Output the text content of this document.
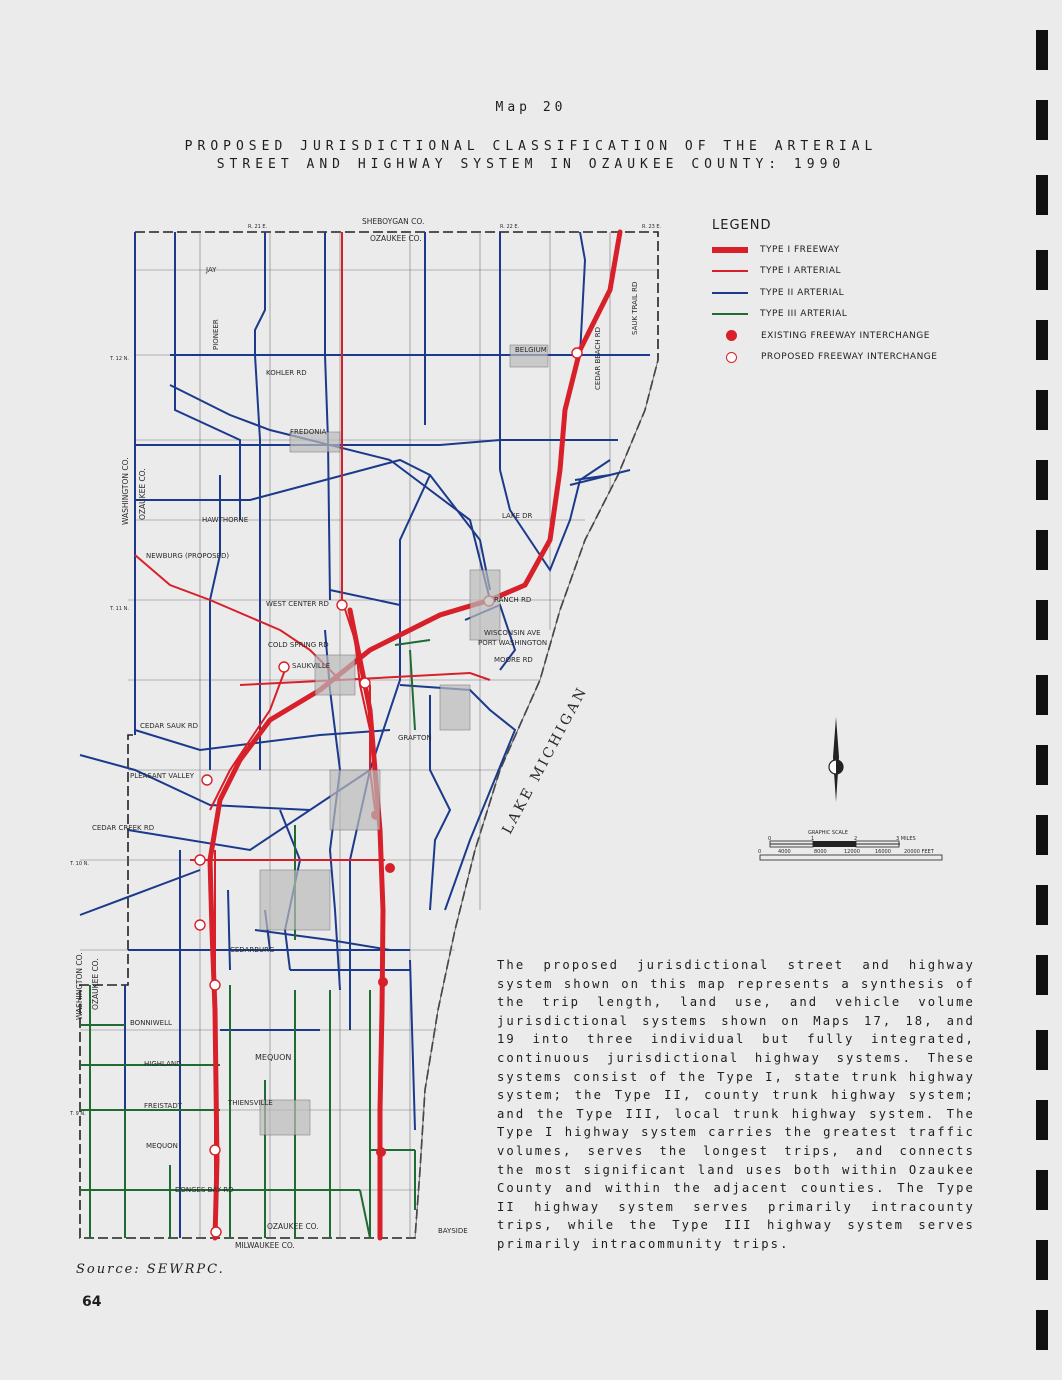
Map 20
PROPOSED JURISDICTIONAL CLASSIFICATION OF THE ARTERIAL
STREET AND HIGHWAY SYSTEM IN OZAUKEE COUNTY: 1990
SHEBOYGAN CO.
OZAUKEE CO.
MILWAUKEE CO.
OZAUKEE CO.
WASHINGTON CO. OZAUKEE CO.
WASHINGTON CO. OZAUKEE CO.
LAKE MICHIGAN
FREDONIA
BELGIUM
SAUKVILLE
NEWBURG (PROPOSED)
PORT WASHINGTON
GRAFTON
CEDARBURG
MEQUON
THIENSVILLE
BAYSIDE
JAY
HAWTHORNE	LAKE DR
PIONEER
KOHLER RD
WEST CENTER RD	RANCH RD
COLD SPRING RD
CEDAR SAUK RD
PLEASANT VALLEY
CEDAR CREEK RD
BONNIWELL
HIGHLAND
FREISTADT
MEQUON
DONGES BAY RD
WISCONSIN AVE
MOORE RD
CEDAR BEACH RD
SAUK TRAIL RD
R. 21 E.	R. 22 E.	R. 23 E.
T. 12 N.
T. 11 N.
T. 10 N.
T. 9 N.
GRAPHIC SCALE
0	1	2	3 MILES
0	4000	8000	12000	16000	20000 FEET
LEGEND
TYPE I FREEWAY
TYPE I ARTERIAL
TYPE II ARTERIAL
TYPE III ARTERIAL
EXISTING FREEWAY INTERCHANGE
PROPOSED FREEWAY INTERCHANGE
The proposed jurisdictional street and highway system shown on this map represents a synthesis of the trip length, land use, and vehicle volume jurisdictional systems shown on Maps 17, 18, and 19 into three individual but fully integrated, continuous jurisdictional highway systems. These systems consist of the Type I, state trunk highway system; the Type II, county trunk highway system; and the Type III, local trunk highway system. The Type I highway system carries the greatest traffic volumes, serves the longest trips, and connects the most significant land uses both within Ozaukee County and within the adjacent counties. The Type II highway system serves primarily intracounty trips, while the Type III highway system serves primarily intracommunity trips.
Source: SEWRPC.
64
